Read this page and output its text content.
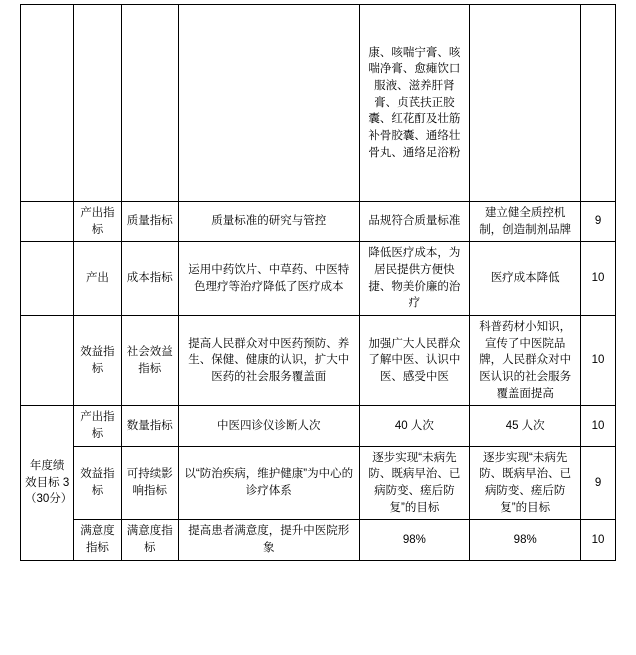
				康、咳喘宁膏、咳喘净膏、愈瘫饮口服液、滋养肝肾膏、贞芪扶正胶囊、红花酊及壮筋补骨胶囊、通络壮骨丸、通络足浴粉		
	产出指标	质量指标	质量标准的研究与管控	品规符合质量标准	建立健全质控机制，创造制剂品牌	9
	产出	成本指标	运用中药饮片、中草药、中医特色理疗等治疗降低了医疗成本	降低医疗成本，为居民提供方便快捷、物美价廉的治疗	医疗成本降低	10
	效益指标	社会效益指标	提高人民群众对中医药预防、养生、保健、健康的认识，扩大中医药的社会服务覆盖面	加强广大人民群众了解中医、认识中医、感受中医	科普药材小知识，宣传了中医院品牌，人民群众对中医认识的社会服务覆盖面提高	10
年度绩效目标 3（30分）	产出指标	数量指标	中医四诊仪诊断人次	40 人次	45 人次	10
	效益指标	可持续影响指标	以“防治疾病，维护健康”为中心的诊疗体系	逐步实现“未病先防、既病早治、已病防变、瘥后防复”的目标	逐步实现“未病先防、既病早治、已病防变、瘥后防复”的目标	9
	满意度指标	满意度指标	提高患者满意度，提升中医院形象	98%	98%	10
